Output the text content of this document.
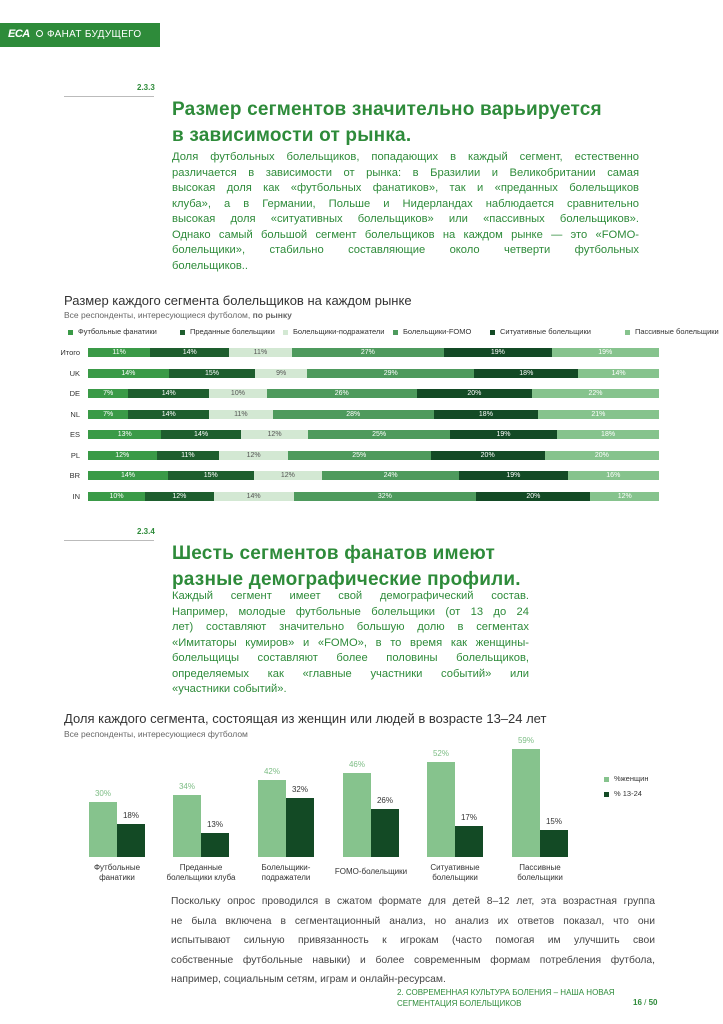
ECA ФАНАТ БУДУЩЕГО
2.3.3
Размер сегментов значительно варьируется
в зависимости от рынка.
Доля футбольных болельщиков, попадающих в каждый сегмент, естественно
различается в зависимости от рынка: в Бразилии и Великобритании самая
высокая доля как «футбольных фанатиков», так и «преданных болельщиков
клуба», а в Германии, Польше и Нидерландах наблюдается сравнительно
высокая доля «ситуативных болельщиков» или «пассивных болельщиков».
Однако самый большой сегмент болельщиков на каждом рынке — это «FOMO-
болельщики», стабильно составляющие около четверти футбольных
болельщиков..
Размер каждого сегмента болельщиков на каждом рынке
Все респонденты, интересующиеся футболом, по рынку
Футбольные фанатики	Преданные болельщики	Болельщики-подражатели	Болельщики-FOMO	Ситуативные болельщики	Пассивные болельщики
Итого	11%	14%	11%	27%	19%	19%
UK	14%	15%	9%	29%	18%	14%
DE	7%	14%	10%	26%	20%	22%
NL	7%	14%	11%	28%	18%	21%
ES	13%	14%	12%	25%	19%	18%
PL	12%	11%	12%	25%	20%	20%
BR	14%	15%	12%	24%	19%	16%
IN	10%	12%	14%	32%	20%	12%
2.3.4
Шесть сегментов фанатов имеют
разные демографические профили.
Каждый сегмент имеет свой демографический состав.
Например, молодые футбольные болельщики (от 13 до 24
лет) составляют значительно большую долю в сегментах
«Имитаторы кумиров» и «FOMO», в то время как женщины-
болельщицы составляют более половины болельщиков,
определяемых как «главные участники событий» или
«участники событий».
Доля каждого сегмента, состоящая из женщин или людей в возрасте 13–24 лет
Все респонденты, интересующиеся футболом
30%
18%
Футбольные
фанатики
34%
13%
Преданные
болельщики клуба
42%
32%
Болельщики-
подражатели
46%
26%
FOMO-болельщики
52%
17%
Ситуативные
болельщики
59%
15%
Пассивные
болельщики
%женщин
% 13-24
Поскольку опрос проводился в сжатом формате для детей 8–12 лет, эта возрастная группа
не была включена в сегментационный анализ, но анализ их ответов показал, что они
испытывают сильную привязанность к игрокам (часто помогая им улучшить свои
собственные футбольные навыки) и более современным формам потребления футбола,
например, социальным сетям, играм и онлайн-ресурсам.
2. СОВРЕМЕННАЯ КУЛЬТУРА БОЛЕНИЯ – НАША НОВАЯ
СЕГМЕНТАЦИЯ БОЛЕЛЬЩИКОВ	16 / 50
